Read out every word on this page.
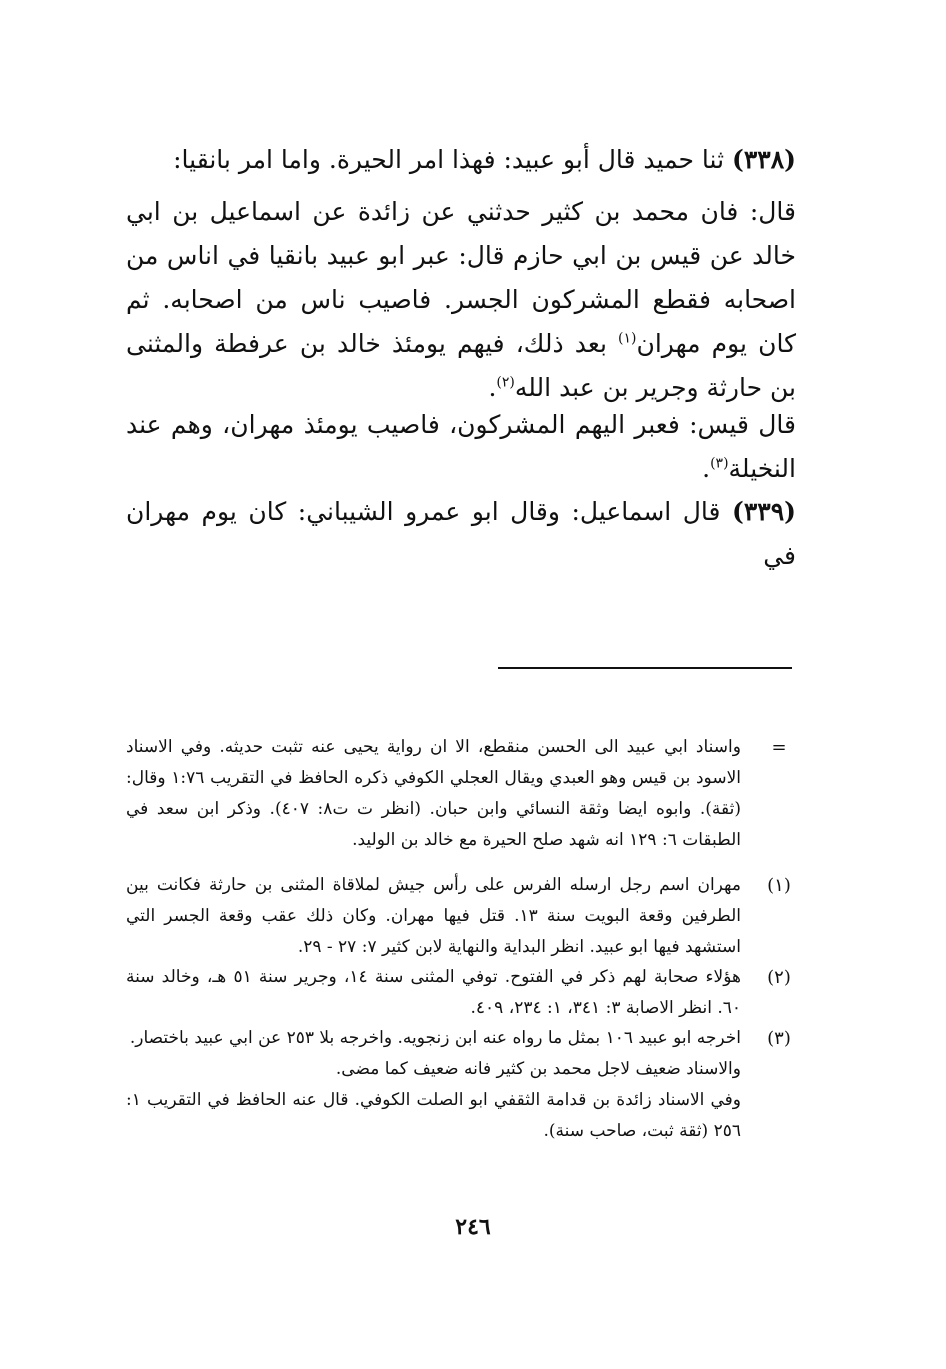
(٣٣٨) ثنا حميد قال أبو عبيد: فهذا امر الحيرة. واما امر بانقيا:

قال: فان محمد بن كثير حدثني عن زائدة عن اسماعيل بن ابي خالد عن قيس بن ابي حازم قال: عبر ابو عبيد بانقيا في اناس من اصحابه فقطع المشركون الجسر. فاصيب ناس من اصحابه. ثم كان يوم مهران$^{(١)}$ بعد ذلك، فيهم يومئذ خالد بن عرفطة والمثنى بن حارثة وجرير بن عبد الله$^{(٢)}$.

قال قيس: فعبر اليهم المشركون، فاصيب يومئذ مهران، وهم عند النخيلة$^{(٣)}$.

(٣٣٩) قال اسماعيل: وقال ابو عمرو الشيباني: كان يوم مهران في

=
واسناد ابي عبيد الى الحسن منقطع، الا ان رواية يحيى عنه تثبت حديثه. وفي الاسناد الاسود بن قيس وهو العبدي ويقال العجلي الكوفي ذكره الحافظ في التقريب ١:٧٦ وقال: (ثقة). وابوه ايضا وثقة النسائي وابن حبان. (انظر ت ت٨: ٤٠٧). وذكر ابن سعد في الطبقات ٦: ١٢٩ انه شهد صلح الحيرة مع خالد بن الوليد.
(١)
مهران اسم رجل ارسله الفرس على رأس جيش لملاقاة المثنى بن حارثة فكانت بين الطرفين وقعة البويت سنة ١٣. قتل فيها مهران. وكان ذلك عقب وقعة الجسر التي استشهد فيها ابو عبيد. انظر البداية والنهاية لابن كثير ٧: ٢٧ - ٢٩.
(٢)
هؤلاء صحابة لهم ذكر في الفتوح. توفي المثنى سنة ١٤، وجرير سنة ٥١ هـ، وخالد سنة ٦٠. انظر الاصابة ٣: ٣٤١، ١: ٢٣٤، ٤٠٩.
(٣)
اخرجه ابو عبيد ١٠٦ بمثل ما رواه عنه ابن زنجويه. واخرجه بلا ٢٥٣ عن ابي عبيد باختصار.
والاسناد ضعيف لاجل محمد بن كثير فانه ضعيف كما مضى.
وفي الاسناد زائدة بن قدامة الثقفي ابو الصلت الكوفي. قال عنه الحافظ في التقريب ١: ٢٥٦ (ثقة ثبت، صاحب سنة).
٢٤٦
